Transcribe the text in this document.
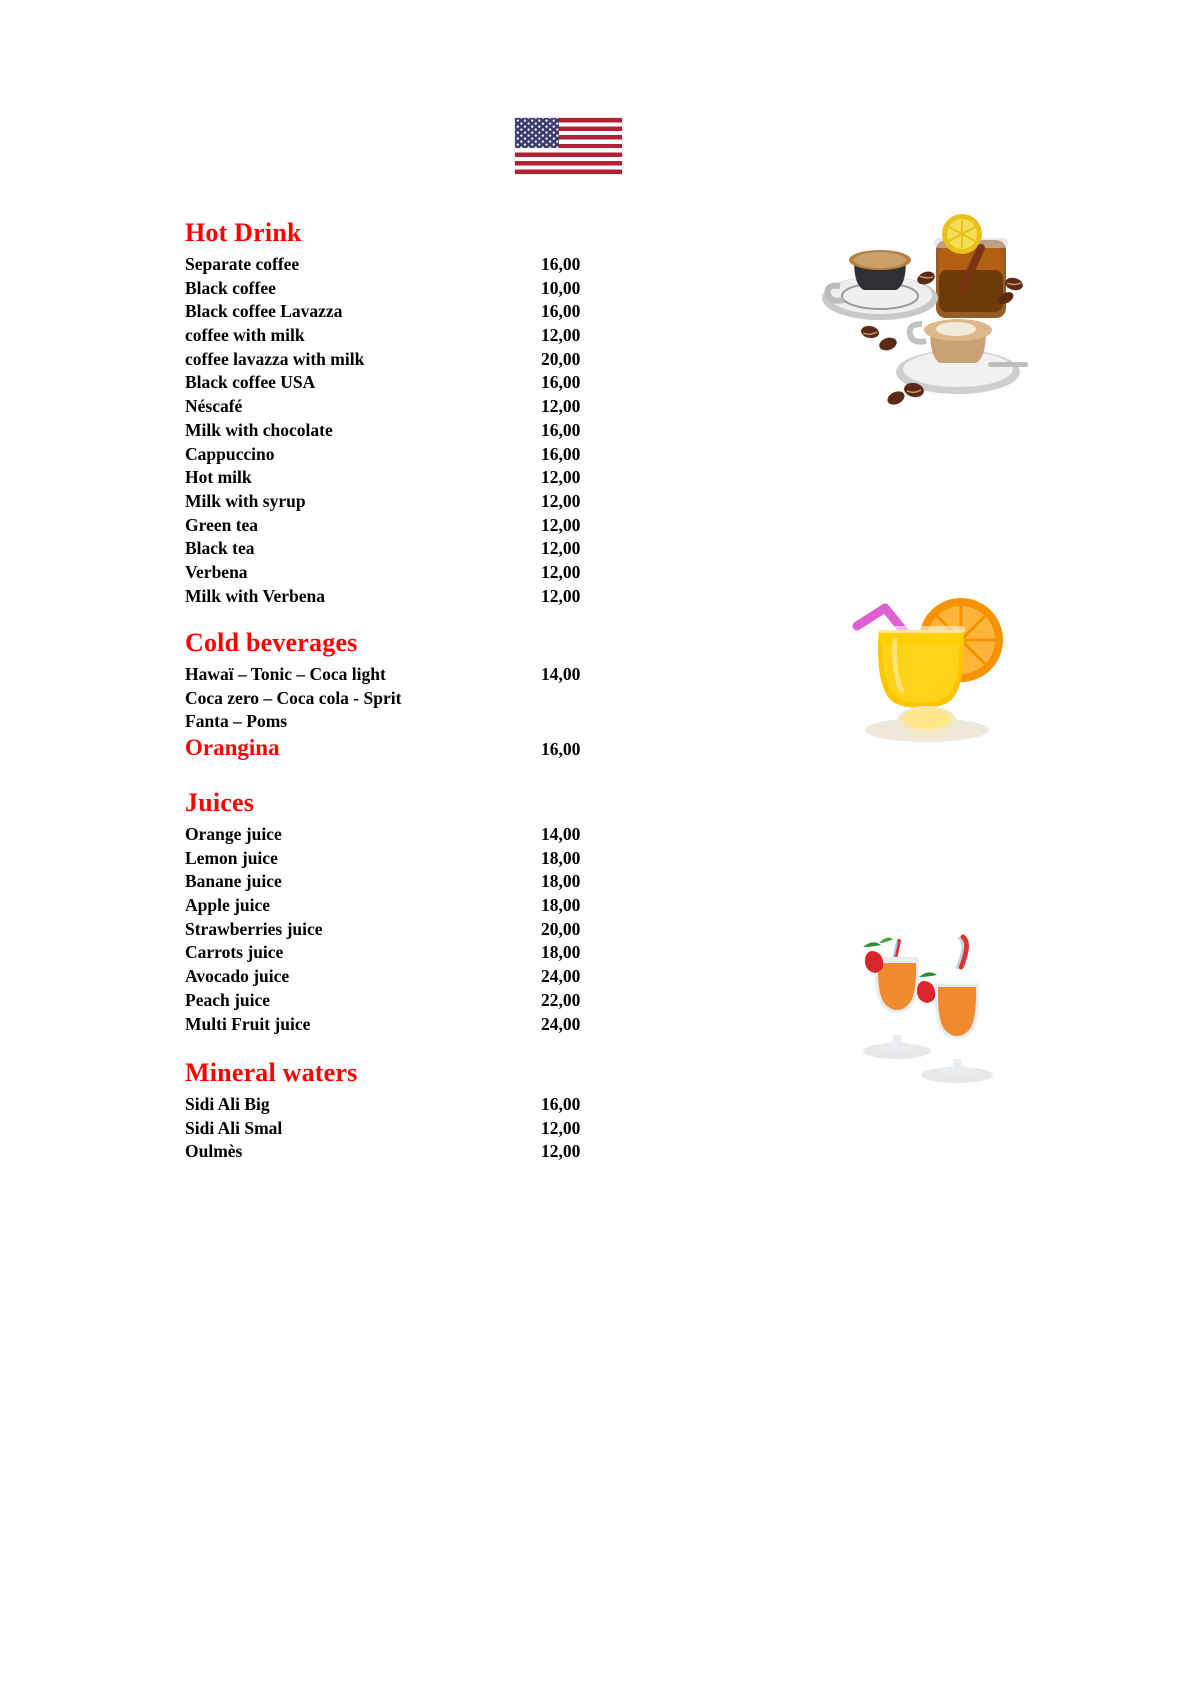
Hot Drink
Separate coffee	16,00
Black coffee	10,00
Black coffee Lavazza	16,00
coffee with milk	12,00
coffee lavazza with milk	20,00
Black coffee USA	16,00
Néscafé	12,00
Milk with chocolate	16,00
Cappuccino	16,00
Hot milk	12,00
Milk with syrup	12,00
Green tea	12,00
Black tea	12,00
Verbena	12,00
Milk with Verbena	12,00
Cold beverages
Hawaï – Tonic – Coca light	14,00
Coca zero – Coca cola - Sprit
Fanta – Poms
Orangina	16,00
Juices
Orange juice	14,00
Lemon juice	18,00
Banane juice	18,00
Apple juice	18,00
Strawberries juice	20,00
Carrots juice	18,00
Avocado juice	24,00
Peach juice	22,00
Multi Fruit juice	24,00
Mineral waters
Sidi Ali Big	16,00
Sidi Ali Smal	12,00
Oulmès	12,00
